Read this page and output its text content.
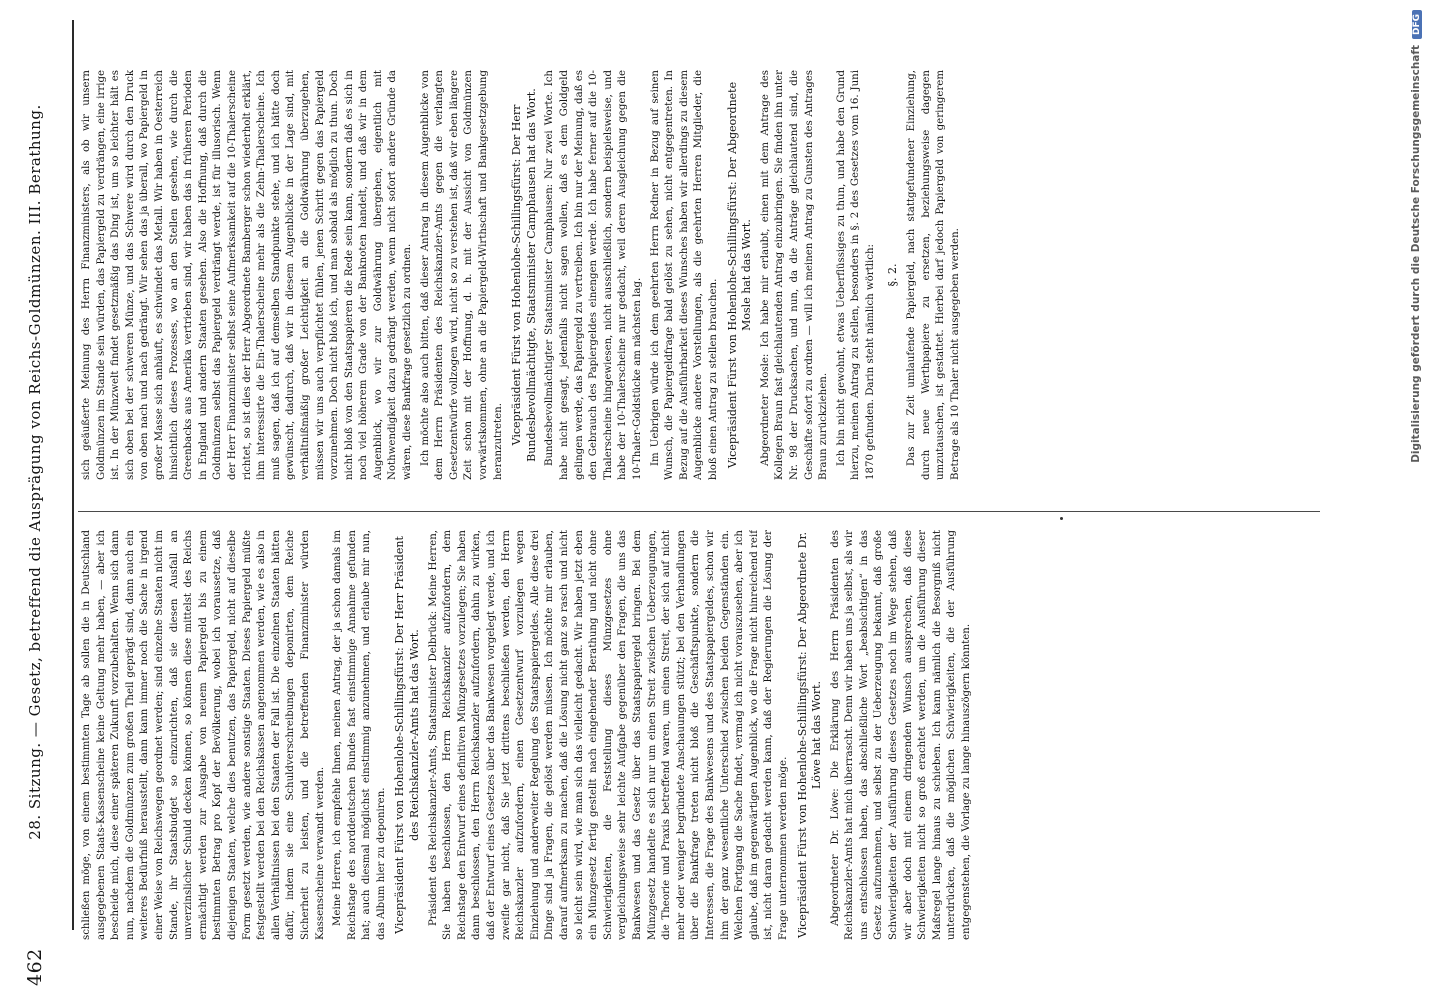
462
28. Sitzung. — Gesetz, betreffend die Ausprägung von Reichs-Goldmünzen. III. Berathung.	schließen möge, von einem bestimmten Tage ab sollen die in Deutschland ausgegebenen Staats-Kassenscheine keine Geltung mehr haben, — aber ich bescheide mich, diese einer späteren Zukunft vorzubehalten. Wenn sich dann nun, nachdem die Goldmünzen zum großen Theil geprägt sind, dann auch ein weiteres Bedürfniß herausstellt, dann kann immer noch die Sache in irgend einer Weise von Reichswegen geordnet werden; sind einzelne Staaten nicht im Stande, ihr Staatsbudget so einzurichten, daß sie diesen Ausfall an unverzinslicher Schuld decken können, so können diese mittelst des Reichs ermächtigt werden zur Ausgabe von neuem Papiergeld bis zu einem bestimmten Betrag pro Kopf der Bevölkerung, wobei ich voraussetze, daß diejenigen Staaten, welche dies benutzen, das Papiergeld, nicht auf dieselbe Form gesetzt werden, wie andere sonstige Staaten. Dieses Papiergeld müßte festgestellt werden bei den Reichskassen angenommen werden, wie es also in allen Verhältnissen bei den Staaten der Fall ist. Die einzelnen Staaten hätten dafür, indem sie eine Schuldverschreibungen deponirten, dem Reiche Sicherheit zu leisten, und die betreffenden Finanzminister würden Kassenscheine verwandt werden. Meine Herren, ich empfehle Ihnen, meinen Antrag, der ja schon damals im Reichstage des norddeutschen Bundes fast einstimmige Annahme gefunden hat; auch diesmal möglichst einstimmig anzunehmen, und erlaube mir nun, das Album hier zu deponiren. Vicepräsident Fürst von Hohenlohe-Schillingsfürst: Der Herr Präsident des Reichskanzler-Amts hat das Wort. Präsident des Reichskanzler-Amts, Staatsminister Delbrück: Meine Herren, Sie haben beschlossen, den Herrn Reichskanzler aufzufordern, dem Reichstage den Entwurf eines definitiven Münzgesetzes vorzulegen; Sie haben dann beschlossen, den Herrn Reichskanzler aufzufordern, dahin zu wirken, daß der Entwurf eines Gesetzes über das Bankwesen vorgelegt werde, und ich zweifle gar nicht, daß Sie jetzt drittens beschließen werden, den Herrn Reichskanzler aufzufordern, einen Gesetzentwurf vorzulegen wegen Einziehung und anderweiter Regelung des Staatspapiergeldes. Alle diese drei Dinge sind ja Fragen, die gelöst werden müssen. Ich möchte mir erlauben, darauf aufmerksam zu machen, daß die Lösung nicht ganz so rasch und nicht so leicht sein wird, wie man sich das vielleicht gedacht. Wir haben jetzt eben ein Münzgesetz fertig gestellt nach eingehender Berathung und nicht ohne Schwierigkeiten, die Feststellung dieses Münzgesetzes ohne vergleichungsweise sehr leichte Aufgabe gegenüber den Fragen, die uns das Bankwesen und das Gesetz über das Staatspapiergeld bringen. Bei dem Münzgesetz handelte es sich nur um einen Streit zwischen Ueberzeugungen, die Theorie und Praxis betreffend waren, um einen Streit, der sich auf nicht mehr oder weniger begründete Anschauungen stützt; bei den Verhandlungen über die Bankfrage treten nicht bloß die Geschäftspunkte, sondern die Interessen, die Frage des Bankwesens und des Staatspapiergeldes, schon wir ihm der ganz wesentliche Unterschied zwischen beiden Gegenständen ein. Welchen Fortgang die Sache findet, vermag ich nicht vorauszusehen, aber ich glaube, daß im gegenwärtigen Augenblick, wo die Frage nicht hinreichend reif ist, nicht daran gedacht werden kann, daß der Regierungen die Lösung der Frage unternommen werden möge. Vicepräsident Fürst von Hohenlohe-Schillingsfürst: Der Abgeordnete Dr. Löwe hat das Wort. Abgeordneter Dr. Löwe: Die Erklärung des Herrn Präsidenten des Reichskanzler-Amts hat mich überrascht. Denn wir haben uns ja selbst, als wir uns entschlossen haben, das abschließliche Wort „beabsichtigen“ in das Gesetz aufzunehmen, und selbst zu der Ueberzeugung bekannt, daß große Schwierigkeiten der Ausführung dieses Gesetzes noch im Wege stehen, daß wir aber doch mit einem dringenden Wunsch aussprechen, daß diese Schwierigkeiten nicht so groß erachtet werden, um die Ausführung dieser Maßregel lange hinaus zu schieben. Ich kann nämlich die Besorgniß nicht unterdrücken, daß die möglichen Schwierigkeiten, die der Ausführung entgegenstehen, die Vorlage zu lange hinauszögern könnten.

sich geäußerte Meinung des Herrn Finanzministers, als ob wir unsern Goldmünzen im Stande sein würden, das Papiergeld zu verdrängen, eine irrige ist. In der Münzwelt findet gesetzmäßig das Ding ist, um so leichter hält es sich oben bei der schweren Münze, und das Schwere wird durch den Druck von oben nach und nach gedrängt. Wir sehen das ja überall, wo Papiergeld in großer Masse sich anhäuft, es schwindet das Metall. Wir haben in Oesterreich hinsichtlich dieses Prozesses, wo an den Stellen gesehen, wie durch die Greenbacks aus Amerika vertrieben sind, wir haben das in früheren Perioden in England und andern Staaten gesehen. Also die Hoffnung, daß durch die Goldmünzen selbst das Papiergeld verdrängt werde, ist für illusorisch. Wenn der Herr Finanzminister selbst seine Aufmerksamkeit auf die 10-Thalerscheine richtet, so ist dies der Herr Abgeordnete Bamberger schon wiederholt erklärt, ihm interessirte die Ein-Thalerscheine mehr als die Zehn-Thalerscheine. Ich muß sagen, daß ich auf demselben Standpunkte stehe, und ich hätte doch gewünscht, dadurch, daß wir in diesem Augenblicke in der Lage sind, mit verhältnißmäßig großer Leichtigkeit an die Goldwährung überzugehen, müssen wir uns auch verpflichtet fühlen, jenen Schritt gegen das Papiergeld vorzunehmen. Doch nicht bloß ich, und man sobald als möglich zu thun. Doch nicht bloß von den Staatspapieren die Rede sein kann, sondern daß es sich in noch viel höherem Grade von der Banknoten handelt, und daß wir in dem Augenblick, wo wir zur Goldwährung übergehen, eigentlich mit Nothwendigkeit dazu gedrängt werden, wenn nicht sofort andere Gründe da wären, diese Bankfrage gesetzlich zu ordnen. Ich möchte also auch bitten, daß dieser Antrag in diesem Augenblicke von dem Herrn Präsidenten des Reichskanzler-Amts gegen die verlangten Gesetzentwürfe vollzogen wird, nicht so zu verstehen ist, daß wir eben längere Zeit schon mit der Hoffnung, d. h. mit der Aussicht von Goldmünzen vorwärtskommen, ohne an die Papiergeld-Wirthschaft und Bankgesetzgebung heranzutreten. Vicepräsident Fürst von Hohenlohe-Schillingsfürst: Der Herr Bundesbevollmächtigte, Staatsminister Camphausen hat das Wort. Bundesbevollmächtigter Staatsminister Camphausen: Nur zwei Worte. Ich habe nicht gesagt, jedenfalls nicht sagen wollen, daß es dem Goldgeld gelingen werde, das Papiergeld zu vertreiben. Ich bin nur der Meinung, daß es den Gebrauch des Papiergeldes einengen werde. Ich habe ferner auf die 10-Thalerscheine hingewiesen, nicht ausschließlich, sondern beispielsweise, und habe der 10-Thalerscheine nur gedacht, weil deren Ausgleichung gegen die 10-Thaler-Goldstücke am nächsten lag. Im Uebrigen würde ich dem geehrten Herrn Redner in Bezug auf seinen Wunsch, die Papiergeldfrage bald gelöst zu sehen, nicht entgegentreten. In Bezug auf die Ausführbarkeit dieses Wunsches haben wir allerdings zu diesem Augenblicke andere Vorstellungen, als die geehrten Herren Mitglieder, die bloß einen Antrag zu stellen brauchen. Vicepräsident Fürst von Hohenlohe-Schillingsfürst: Der Abgeordnete Mosle hat das Wort. Abgeordneter Mosle: Ich habe mir erlaubt, einen mit dem Antrage des Kollegen Braun fast gleichlautenden Antrag einzubringen. Sie finden ihn unter Nr. 98 der Drucksachen, und nun, da die Anträge gleichlautend sind, die Geschäfte sofort zu ordnen — will ich meinen Antrag zu Gunsten des Antrages Braun zurückziehen. Ich bin nicht gewohnt, etwas Ueberflüssiges zu thun, und habe den Grund hierzu, meinen Antrag zu stellen, besonders in §. 2 des Gesetzes vom 16. Juni 1870 gefunden. Darin steht nämlich wörtlich: §. 2. Das zur Zeit umlaufende Papiergeld, nach stattgefundener Einziehung, durch neue Werthpapiere zu ersetzen, beziehungsweise dagegen umzutauschen, ist gestattet. Hierbei darf jedoch Papiergeld von geringerem Betrage als 10 Thaler nicht ausgegeben werden.	Digitalisierung gefördert durch die Deutsche ForschungsgemeinschaftDFG
